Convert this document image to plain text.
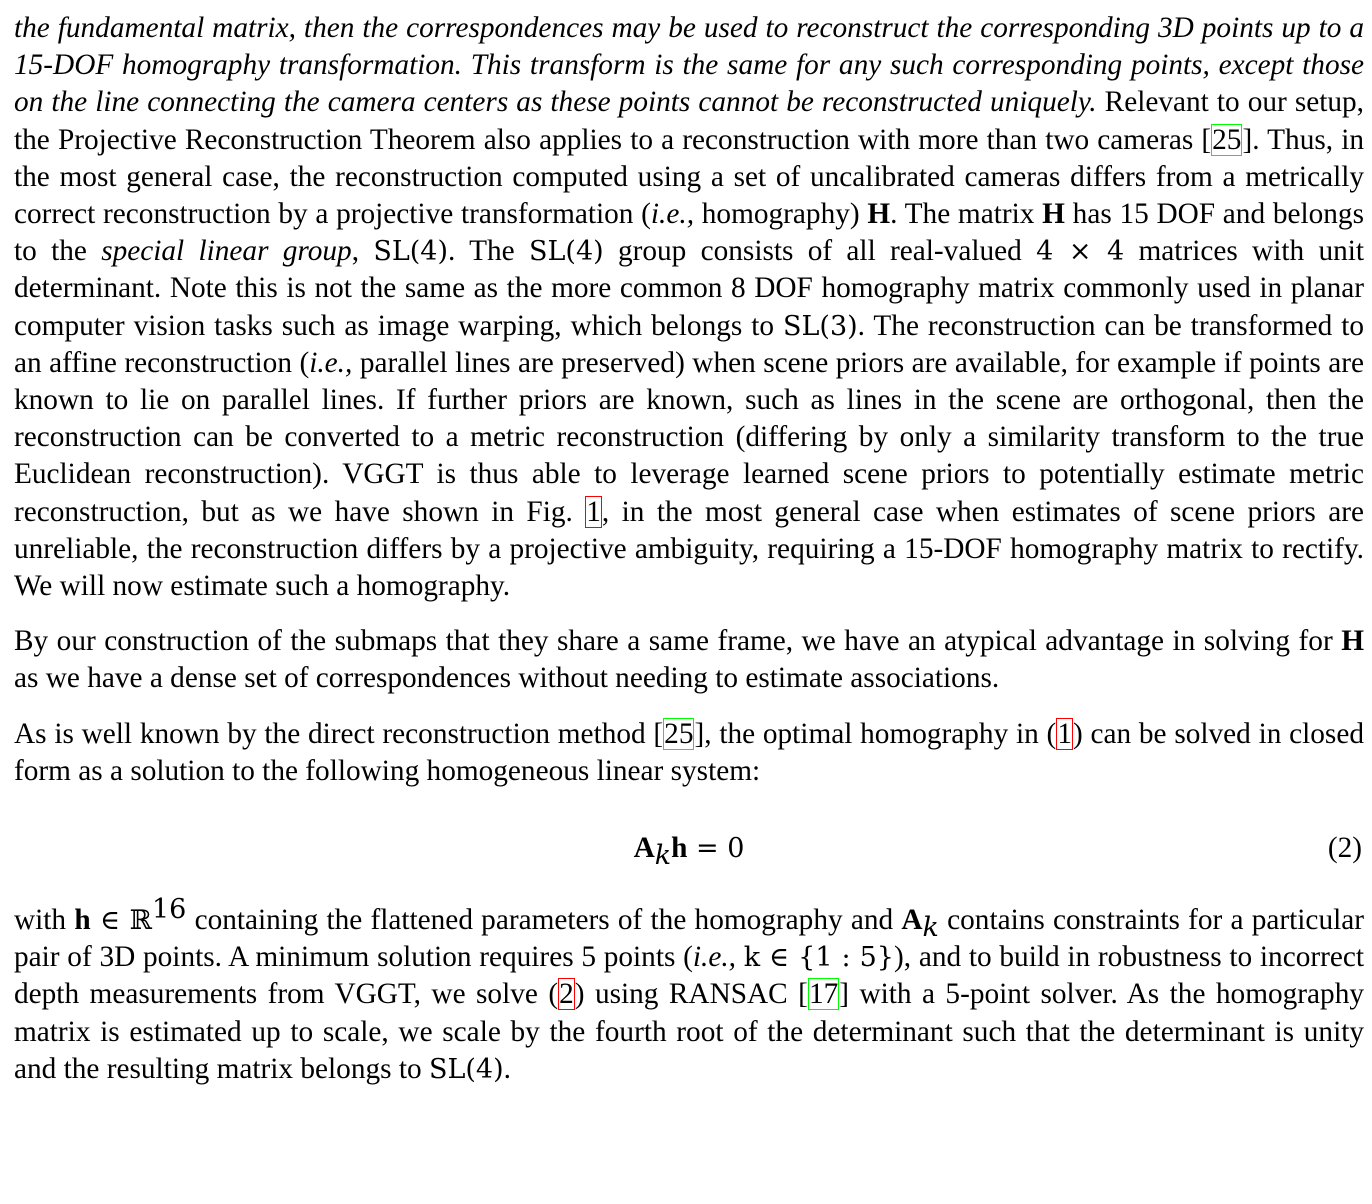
the fundamental matrix, then the correspondences may be used to reconstruct the corresponding 3D points up to a 15-DOF homography transformation. This transform is the same for any such corresponding points, except those on the line connecting the camera centers as these points cannot be reconstructed uniquely. Relevant to our setup, the Projective Reconstruction Theorem also applies to a reconstruction with more than two cameras [25]. Thus, in the most general case, the reconstruction computed using a set of uncalibrated cameras differs from a metrically correct reconstruction by a projective transformation (i.e., homography) H. The matrix H has 15 DOF and belongs to the special linear group, SL(4). The SL(4) group consists of all real-valued 4 × 4 matrices with unit determinant. Note this is not the same as the more common 8 DOF homography matrix commonly used in planar computer vision tasks such as image warping, which belongs to SL(3). The reconstruction can be transformed to an affine reconstruction (i.e., parallel lines are preserved) when scene priors are available, for example if points are known to lie on parallel lines. If further priors are known, such as lines in the scene are orthogonal, then the reconstruction can be converted to a metric reconstruction (differing by only a similarity transform to the true Euclidean reconstruction). VGGT is thus able to leverage learned scene priors to potentially estimate metric reconstruction, but as we have shown in Fig. 1, in the most general case when estimates of scene priors are unreliable, the reconstruction differs by a projective ambiguity, requiring a 15-DOF homography matrix to rectify. We will now estimate such a homography.

By our construction of the submaps that they share a same frame, we have an atypical advantage in solving for H as we have a dense set of correspondences without needing to estimate associations.

As is well known by the direct reconstruction method [25], the optimal homography in (1) can be solved in closed form as a solution to the following homogeneous linear system:

$A_kh = 0$	(2)

with h ∈ ℝ$^{16}$ containing the flattened parameters of the homography and $A_k$ contains constraints for a particular pair of 3D points. A minimum solution requires 5 points (i.e., k ∈ {1 : 5}), and to build in robustness to incorrect depth measurements from VGGT, we solve (2) using RANSAC [17] with a 5-point solver. As the homography matrix is estimated up to scale, we scale by the fourth root of the determinant such that the determinant is unity and the resulting matrix belongs to SL(4).
